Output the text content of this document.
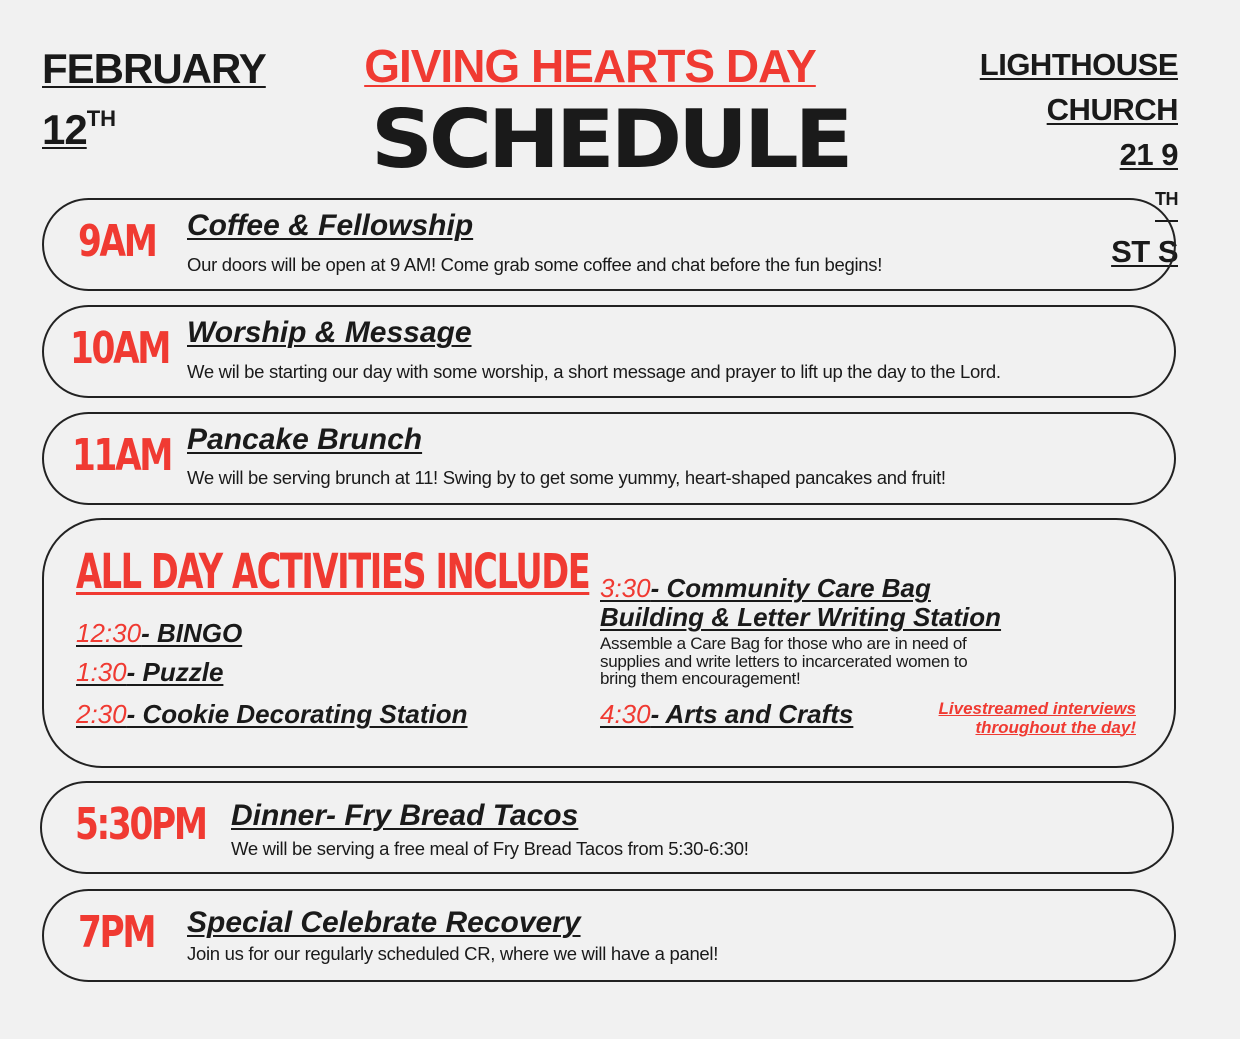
FEBRUARY
12TH
GIVING HEARTS DAY
SCHEDULE
LIGHTHOUSE
CHURCH
21 9
$^{TH}$
ST S
9AM Coffee & Fellowship
Our doors will be open at 9 AM! Come grab some coffee and chat before the fun begins!
10AM Worship & Message
We wil be starting our day with some worship, a short message and prayer to lift up the day to the Lord.
11AM Pancake Brunch
We will be serving brunch at 11! Swing by to get some yummy, heart-shaped pancakes and fruit!
ALL DAY ACTIVITIES INCLUDE
12:30- BINGO
1:30- Puzzle
2:30- Cookie Decorating Station
3:30- Community Care Bag
Building & Letter Writing Station
Assemble a Care Bag for those who are in need of
supplies and write letters to incarcerated women to
bring them encouragement!
4:30- Arts and Crafts	Livestreamed interviews
throughout the day!
5:30PM Dinner- Fry Bread Tacos
We will be serving a free meal of Fry Bread Tacos from 5:30-6:30!
7PM Special Celebrate Recovery
Join us for our regularly scheduled CR, where we will have a panel!
